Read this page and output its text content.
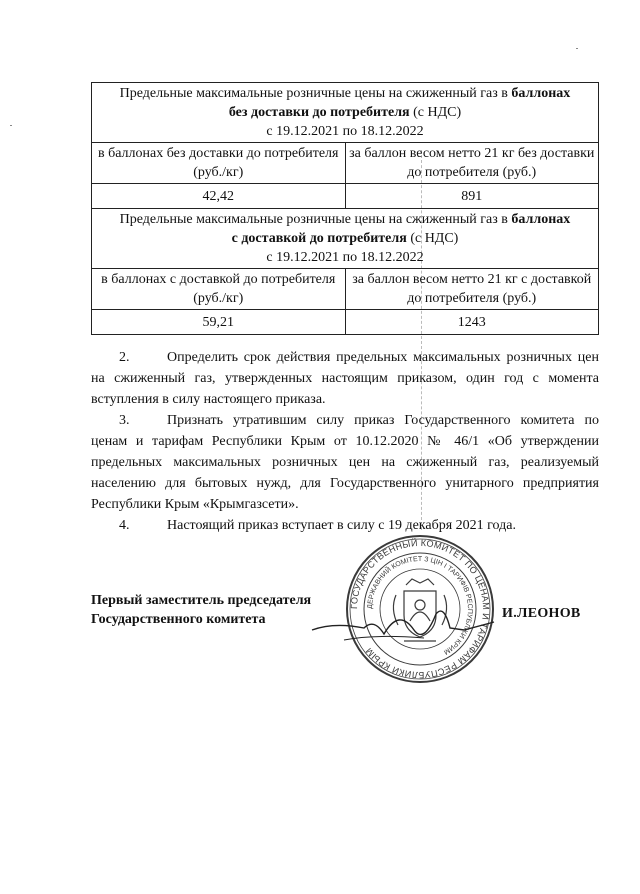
Предельные максимальные розничные цены на сжиженный газ в баллонах
без доставки до потребителя (с НДС)
с 19.12.2021 по 18.12.2022	
в баллонах без доставки до потребителя (руб./кг)	за баллон весом нетто 21 кг без доставки до потребителя (руб.)
42,42	891
Предельные максимальные розничные цены на сжиженный газ в баллонах
с доставкой до потребителя (с НДС)
с 19.12.2021 по 18.12.2022	
в баллонах с доставкой до потребителя (руб./кг)	за баллон весом нетто 21 кг с доставкой до потребителя (руб.)
59,21	1243

2.	Определить срок действия предельных максимальных розничных цен на сжиженный газ, утвержденных настоящим приказом, один год с момента вступления в силу настоящего приказа.

3.	Признать утратившим силу приказ Государственного комитета по ценам и тарифам Республики Крым от 10.12.2020 № 46/1 «Об утверждении предельных максимальных розничных цен на сжиженный газ, реализуемый населению для бытовых нужд, для Государственного унитарного предприятия Республики Крым «Крымгазсети».

4.	Настоящий приказ вступает в силу с 19 декабря 2021 года.

Первый заместитель председателя
Государственного комитета
ГОСУДАРСТВЕННЫЙ КОМИТЕТ ПО ЦЕНАМ И ТАРИФАМ РЕСПУБЛИКИ КРЫМ
ДЕРЖАВНИЙ КОМІТЕТ З ЦІН І ТАРИФІВ РЕСПУБЛІКИ КРИМ
И.ЛЕОНОВ
